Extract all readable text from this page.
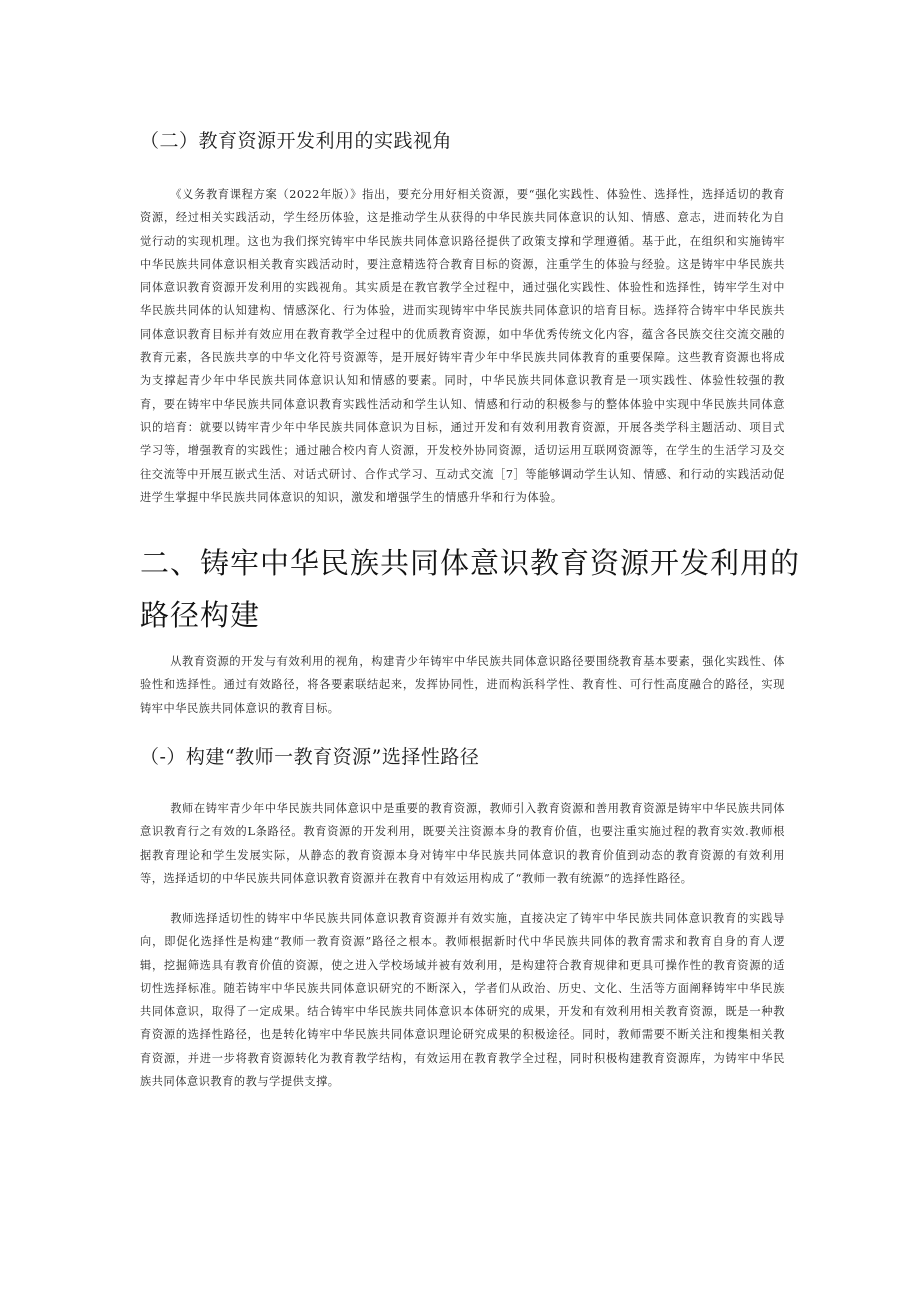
（二）教育资源开发利用的实践视角

《义务教育课程方案（2022年版）》指出，要充分用好相关资源，要“强化实践性、体验性、选择性，选择适切的教育资源，经过相关实践活动，学生经历体验，这是推动学生从获得的中华民族共同体意识的认知、情感、意志，进而转化为自觉行动的实现机理。这也为我们探究铸牢中华民族共同体意识路径提供了政策支撑和学理遵循。基于此，在组织和实施铸牢中华民族共同体意识相关教育实践活动时，要注意精选符合教育目标的资源，注重学生的体验与经验。这是铸牢中华民族共同体意识教育资源开发利用的实践视角。其实质是在教官教学全过程中，通过强化实践性、体验性和选择性，铸牢学生对中华民族共同体的认知建构、情感深化、行为体验，进而实现铸牢中华民族共同体意识的培育目标。选择符合铸牢中华民族共同体意识教育目标并有效应用在教育教学全过程中的优质教育资源，如中华优秀传统文化内容，蕴含各民族交往交流交融的教育元素，各民族共享的中华文化符号资源等，是开展好铸牢青少年中华民族共同体教育的重要保障。这些教育资源也将成为支撑起青少年中华民族共同体意识认知和情感的要素。同时，中华民族共同体意识教育是一项实践性、体验性较强的教育，要在铸牢中华民族共同体意识教育实践性活动和学生认知、情感和行动的积极参与的整体体验中实现中华民族共同体意识的培育：就要以铸牢青少年中华民族共同体意识为目标，通过开发和有效利用教育资源，开展各类学科主题活动、项目式学习等，增强教育的实践性；通过融合校内育人资源，开发校外协同资源，适切运用互联网资源等，在学生的生活学习及交往交流等中开展互嵌式生活、对话式研讨、合作式学习、互动式交流［7］等能够调动学生认知、情感、和行动的实践活动促进学生掌握中华民族共同体意识的知识，激发和增强学生的情感升华和行为体验。

二、铸牢中华民族共同体意识教育资源开发利用的路径构建

从教育资源的开发与有效利用的视角，构建青少年铸牢中华民族共同体意识路径要围绕教育基本要素，强化实践性、体验性和选择性。通过有效路径，将各要素联结起来，发挥协同性，进而构浜科学性、教育性、可行性高度融合的路径，实现铸牢中华民族共同体意识的教育目标。

（-）构建“教师一教育资源”选择性路径

教师在铸牢青少年中华民族共同体意识中是重要的教育资源，教师引入教育资源和善用教育资源是铸牢中华民族共同体意识教育行之有效的L条路径。教育资源的开发利用，既要关注资源本身的教育价值，也要注重实施过程的教育实效.教师根据教育理论和学生发展实际，从静态的教育资源本身对铸牢中华民族共同体意识的教育价值到动态的教育资源的有效利用等，选择适切的中华民族共同体意识教育资源并在教育中有效运用构成了“教师一教有统源”的选择性路径。

教师选择适切性的铸牢中华民族共同体意识教育资源并有效实施，直接决定了铸牢中华民族共同体意识教育的实践导向，即促化选择性是构建“教师一教育资源”路径之根本。教师根据新时代中华民族共同体的教育需求和教育自身的育人逻辑，挖掘筛选具有教育价值的资源，使之进入学校场域并被有效利用，是构建符合教育规律和更具可操作性的教育资源的适切性选择标准。随若铸牢中华民族共同体意识研究的不断深入，学者们从政治、历史、文化、生活等方面阐释铸牢中华民族共同体意识，取得了一定成果。结合铸牢中华民族共同体意识本体研究的成果，开发和有效利用相关教育资源，既是一种教育资源的选择性路径，也是转化铸牢中华民族共同体意识理论研究成果的积极途径。同时，教师需要不断关注和搜集相关教育资源，并进一步将教育资源转化为教育教学结构，有效运用在教育教学全过程，同时积极构建教育资源库，为铸牢中华民族共同体意识教育的教与学提供支撑。
